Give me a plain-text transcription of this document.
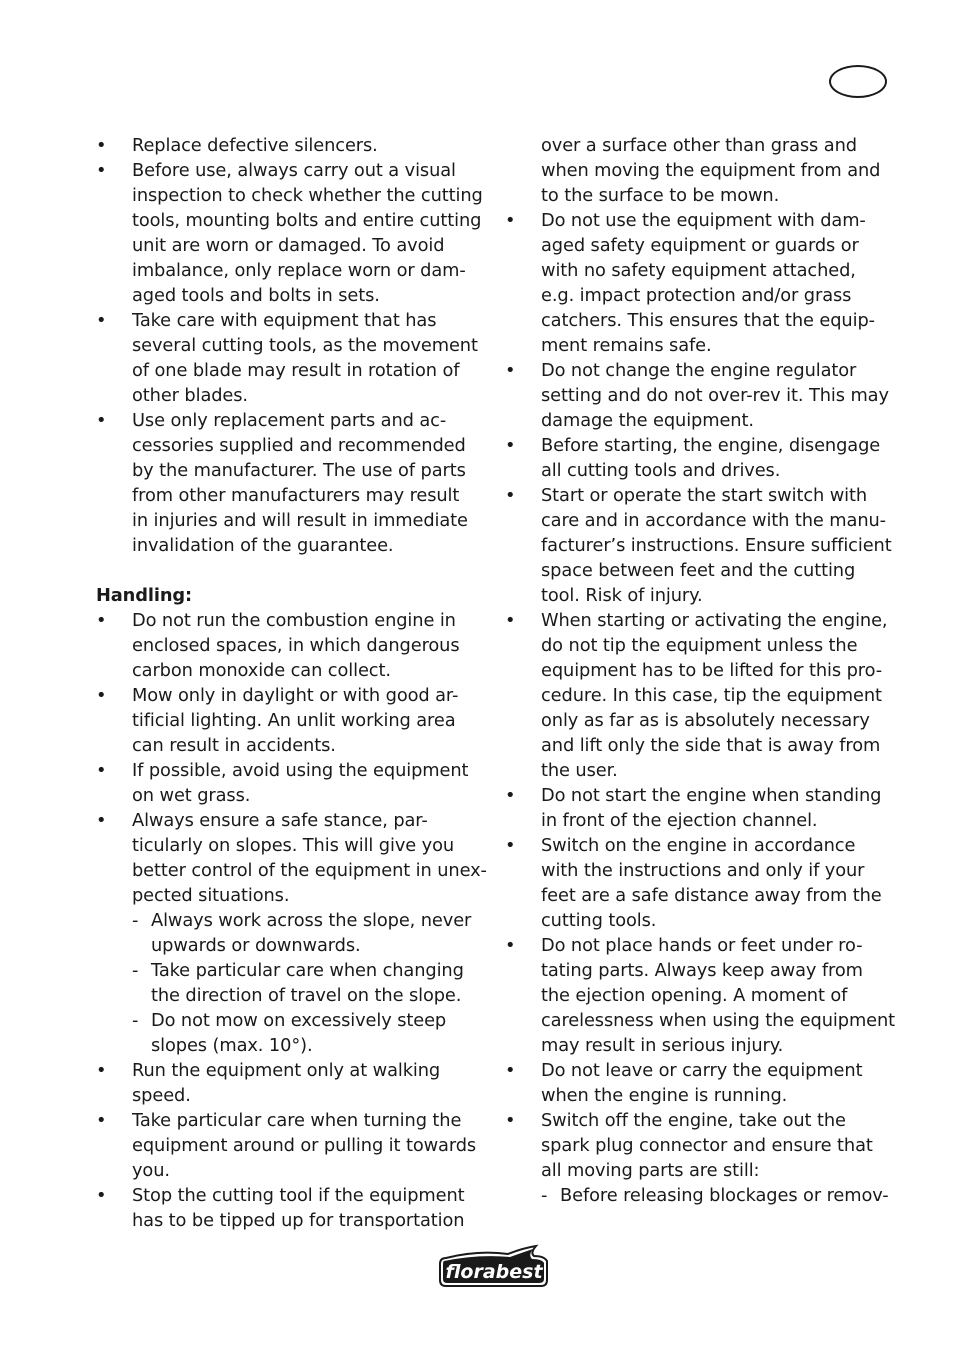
• Replace defective silencers.
• Before use, always carry out a visual
inspection to check whether the cutting
tools, mounting bolts and entire cutting
unit are worn or damaged. To avoid
imbalance, only replace worn or dam-
aged tools and bolts in sets.
• Take care with equipment that has
several cutting tools, as the movement
of one blade may result in rotation of
other blades.
• Use only replacement parts and ac-
cessories supplied and recommended
by the manufacturer. The use of parts
from other manufacturers may result
in injuries and will result in immediate
invalidation of the guarantee.
Handling:
• Do not run the combustion engine in
enclosed spaces, in which dangerous
carbon monoxide can collect.
• Mow only in daylight or with good ar-
tificial lighting. An unlit working area
can result in accidents.
• If possible, avoid using the equipment
on wet grass.
• Always ensure a safe stance, par-
ticularly on slopes. This will give you
better control of the equipment in unex-
pected situations.
- Always work across the slope, never
upwards or downwards.
- Take particular care when changing
the direction of travel on the slope.
- Do not mow on excessively steep
slopes (max. 10°).
• Run the equipment only at walking
speed.
• Take particular care when turning the
equipment around or pulling it towards
you.
• Stop the cutting tool if the equipment
has to be tipped up for transportation
over a surface other than grass and
when moving the equipment from and
to the surface to be mown.
• Do not use the equipment with dam-
aged safety equipment or guards or
with no safety equipment attached,
e.g. impact protection and/or grass
catchers. This ensures that the equip-
ment remains safe.
• Do not change the engine regulator
setting and do not over-rev it. This may
damage the equipment.
• Before starting, the engine, disengage
all cutting tools and drives.
• Start or operate the start switch with
care and in accordance with the manu-
facturer’s instructions. Ensure sufficient
space between feet and the cutting
tool. Risk of injury.
• When starting or activating the engine,
do not tip the equipment unless the
equipment has to be lifted for this pro-
cedure. In this case, tip the equipment
only as far as is absolutely necessary
and lift only the side that is away from
the user.
• Do not start the engine when standing
in front of the ejection channel.
• Switch on the engine in accordance
with the instructions and only if your
feet are a safe distance away from the
cutting tools.
• Do not place hands or feet under ro-
tating parts. Always keep away from
the ejection opening. A moment of
carelessness when using the equipment
may result in serious injury.
• Do not leave or carry the equipment
when the engine is running.
• Switch off the engine, take out the
spark plug connector and ensure that
all moving parts are still:
- Before releasing blockages or remov-
florabest
